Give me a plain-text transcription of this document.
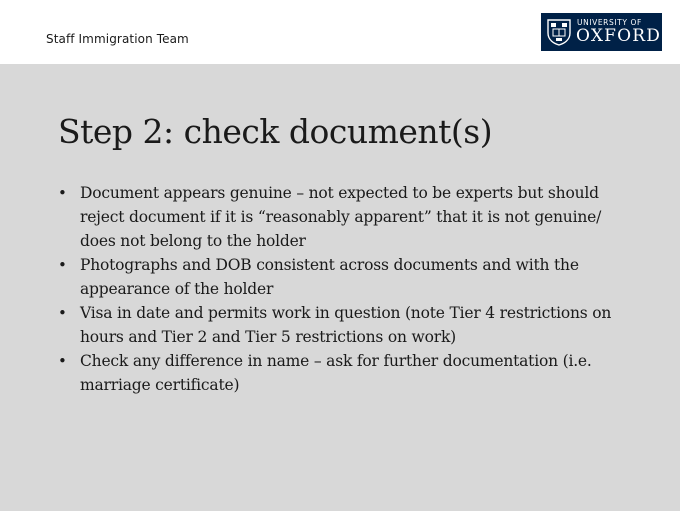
Staff Immigration Team
UNIVERSITY OF
OXFORD
Step 2: check document(s)
• Document appears genuine – not expected to be experts but should reject document if it is “reasonably apparent” that it is not genuine/ does not belong to the holder
• Photographs and DOB consistent across documents and with the appearance of the holder
• Visa in date and permits work in question (note Tier 4 restrictions on hours and Tier 2 and Tier 5 restrictions on work)
• Check any difference in name – ask for further documentation (i.e. marriage certificate)
